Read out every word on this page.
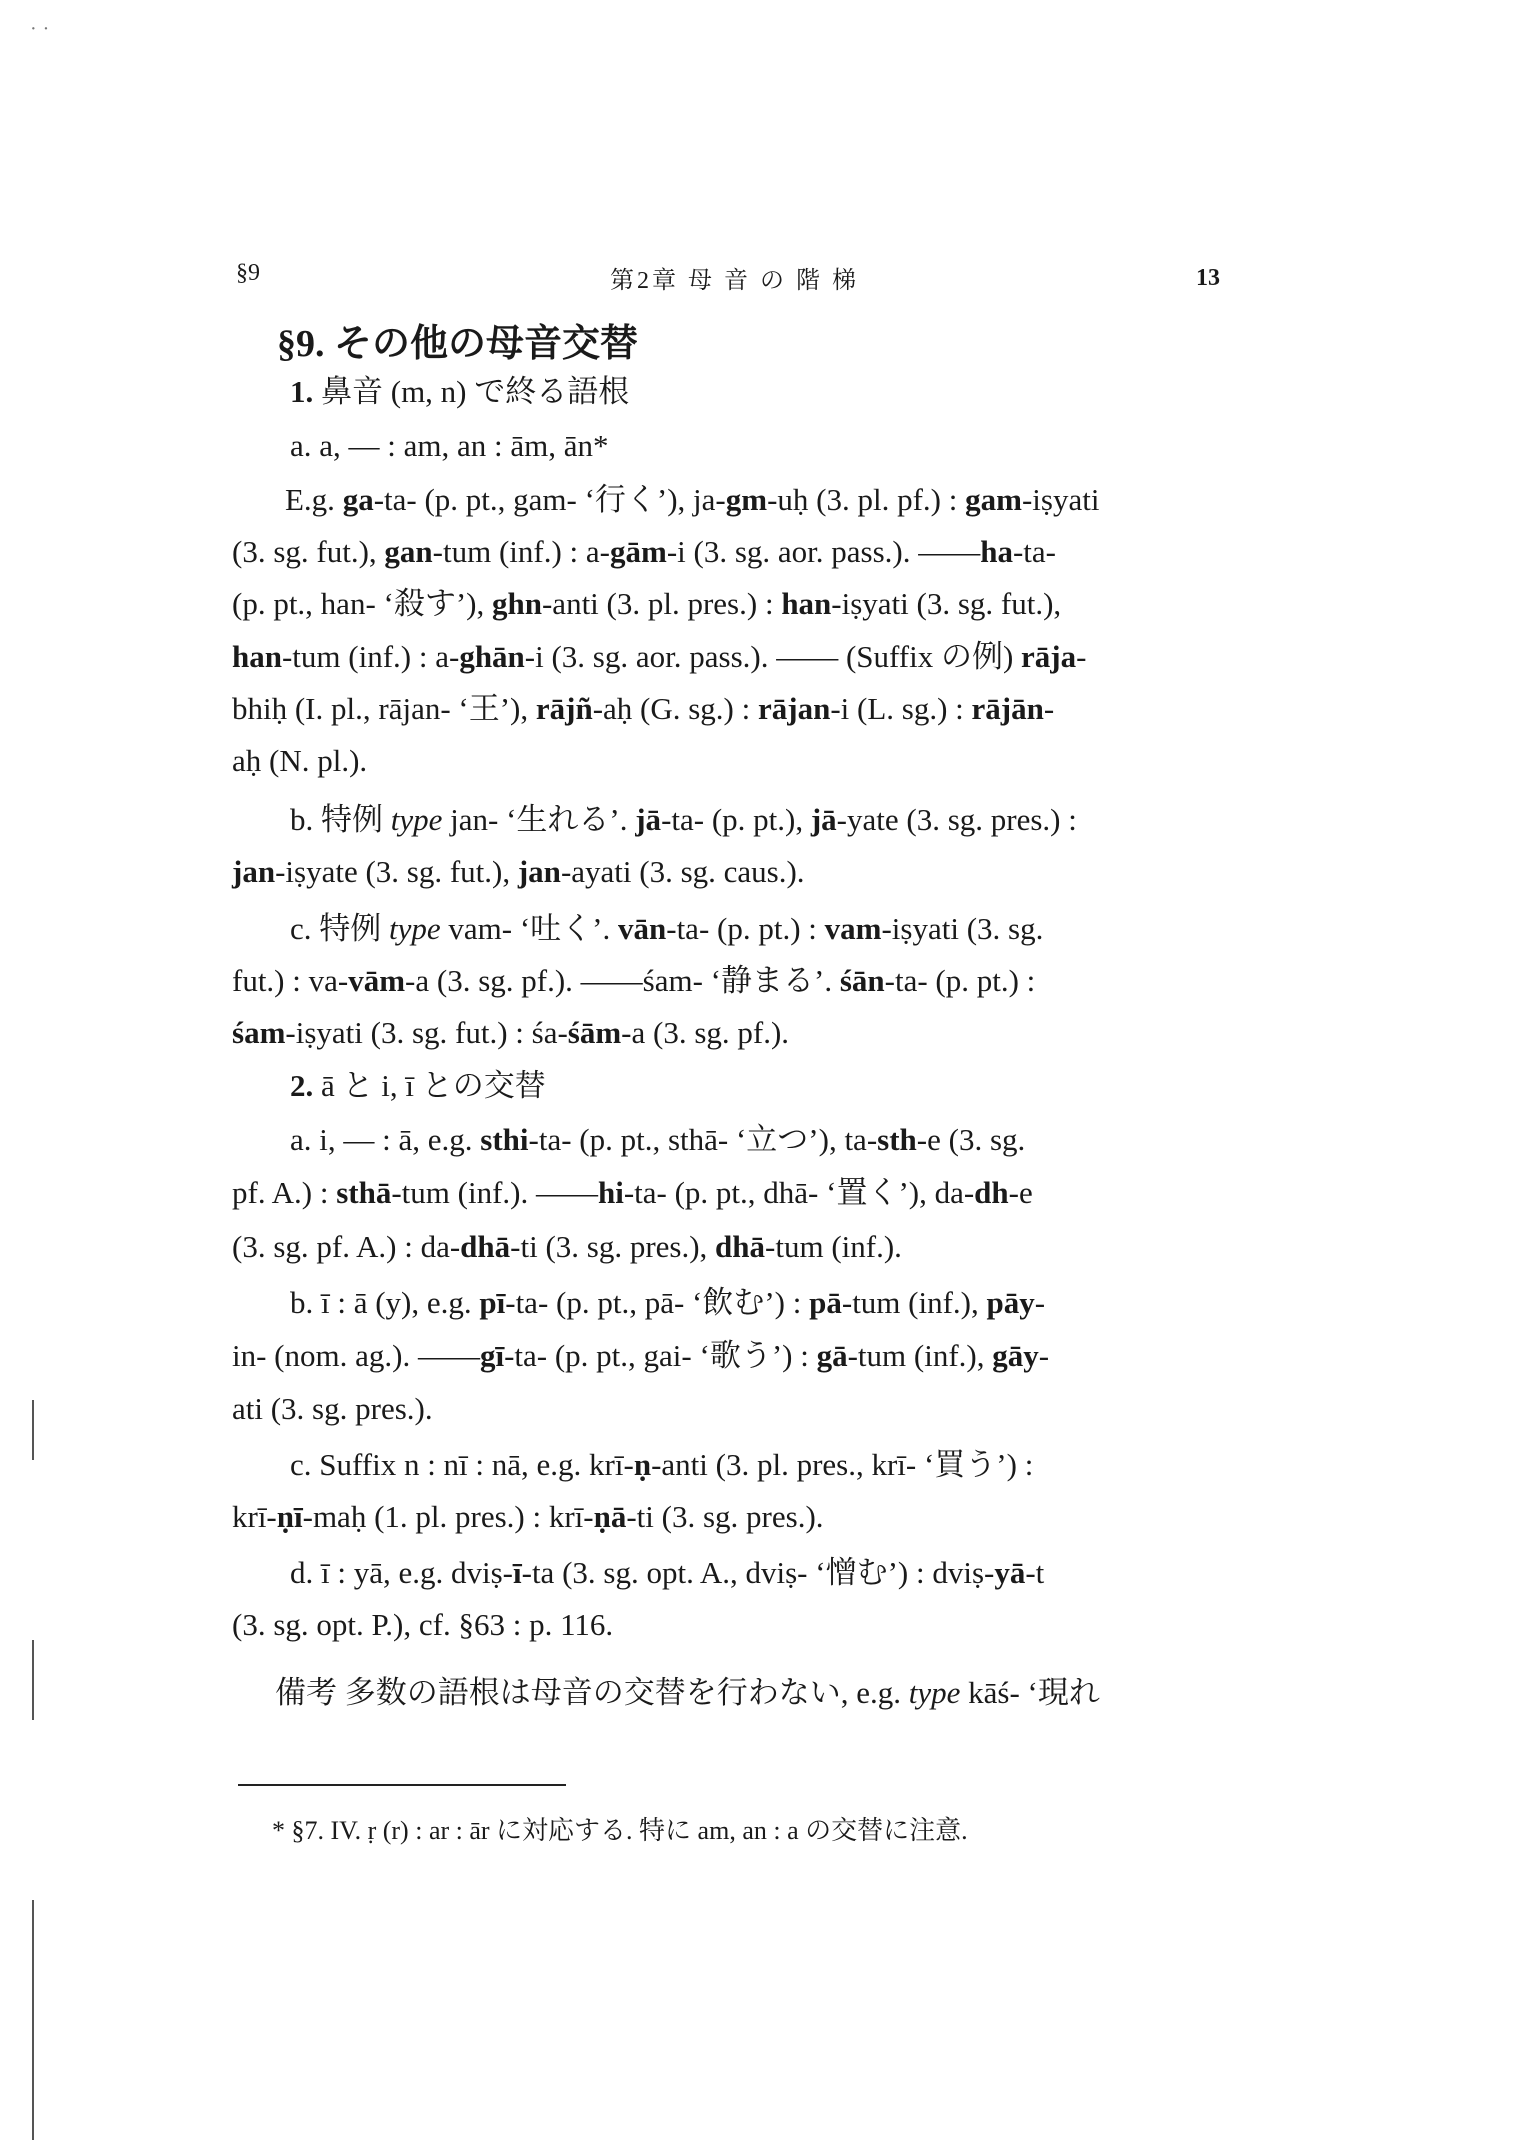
··
§9	第2章 母 音 の 階 梯	13
§9. その他の母音交替
1. 鼻音 (m, n) で終る語根
a. a, — : am, an : ām, ān*
E.g. ga-ta- (p. pt., gam- ‘行く’), ja-gm-uḥ (3. pl. pf.) : gam-iṣyati
(3. sg. fut.), gan-tum (inf.) : a-gām-i (3. sg. aor. pass.). ——ha-ta-
(p. pt., han- ‘殺す’), ghn-anti (3. pl. pres.) : han-iṣyati (3. sg. fut.),
han-tum (inf.) : a-ghān-i (3. sg. aor. pass.). —— (Suffix の例) rāja-
bhiḥ (I. pl., rājan- ‘王’), rājñ-aḥ (G. sg.) : rājan-i (L. sg.) : rājān-
aḥ (N. pl.).
b. 特例 type jan- ‘生れる’. jā-ta- (p. pt.), jā-yate (3. sg. pres.) :
jan-iṣyate (3. sg. fut.), jan-ayati (3. sg. caus.).
c. 特例 type vam- ‘吐く’. vān-ta- (p. pt.) : vam-iṣyati (3. sg.
fut.) : va-vām-a (3. sg. pf.). ——śam- ‘静まる’. śān-ta- (p. pt.) :
śam-iṣyati (3. sg. fut.) : śa-śām-a (3. sg. pf.).
2. ā と i, ī との交替
a. i, — : ā, e.g. sthi-ta- (p. pt., sthā- ‘立つ’), ta-sth-e (3. sg.
pf. A.) : sthā-tum (inf.). ——hi-ta- (p. pt., dhā- ‘置く’), da-dh-e
(3. sg. pf. A.) : da-dhā-ti (3. sg. pres.), dhā-tum (inf.).
b. ī : ā (y), e.g. pī-ta- (p. pt., pā- ‘飲む’) : pā-tum (inf.), pāy-
in- (nom. ag.). ——gī-ta- (p. pt., gai- ‘歌う’) : gā-tum (inf.), gāy-
ati (3. sg. pres.).
c. Suffix n : nī : nā, e.g. krī-ṇ-anti (3. pl. pres., krī- ‘買う’) :
krī-ṇī-maḥ (1. pl. pres.) : krī-ṇā-ti (3. sg. pres.).
d. ī : yā, e.g. dviṣ-ī-ta (3. sg. opt. A., dviṣ- ‘憎む’) : dviṣ-yā-t
(3. sg. opt. P.), cf. §63 : p. 116.
備考 多数の語根は母音の交替を行わない, e.g. type kāś- ‘現れ
* §7. IV. ṛ (r) : ar : ār に対応する. 特に am, an : a の交替に注意.
